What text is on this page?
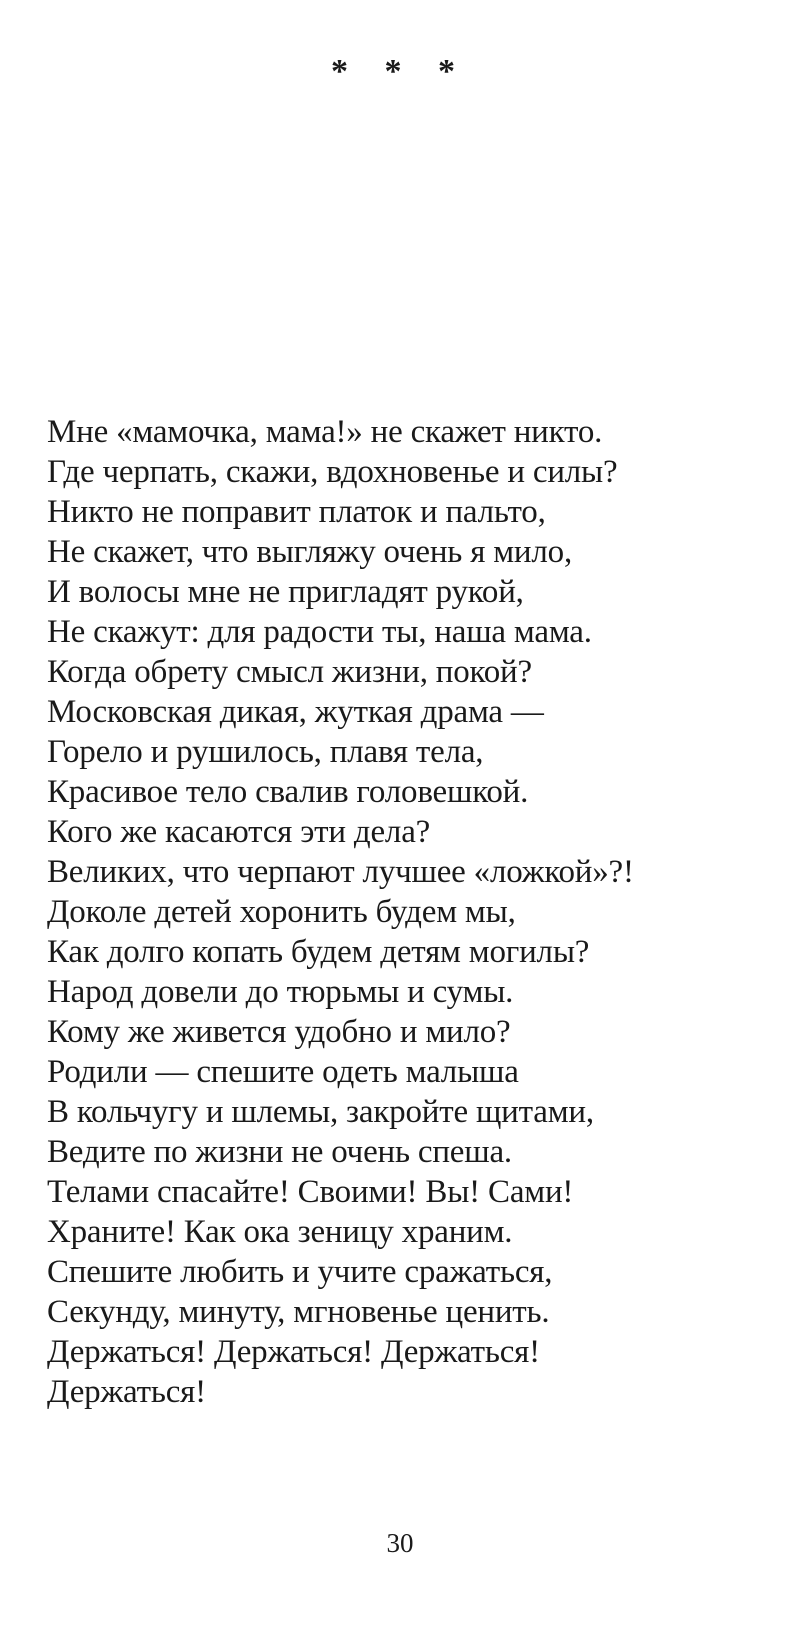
* * *
Мне «мамочка, мама!» не скажет никто.
Где черпать, скажи, вдохновенье и силы?
Никто не поправит платок и пальто,
Не скажет, что выгляжу очень я мило,
И волосы мне не пригладят рукой,
Не скажут: для радости ты, наша мама.
Когда обрету смысл жизни, покой?
Московская дикая, жуткая драма —
Горело и рушилось, плавя тела,
Красивое тело свалив головешкой.
Кого же касаются эти дела?
Великих, что черпают лучшее «ложкой»?!
Доколе детей хоронить будем мы,
Как долго копать будем детям могилы?
Народ довели до тюрьмы и сумы.
Кому же живется удобно и мило?
Родили — спешите одеть малыша
В кольчугу и шлемы, закройте щитами,
Ведите по жизни не очень спеша.
Телами спасайте! Своими! Вы! Сами!
Храните! Как ока зеницу храним.
Спешите любить и учите сражаться,
Секунду, минуту, мгновенье ценить.
Держаться! Держаться! Держаться!
Держаться!
30
